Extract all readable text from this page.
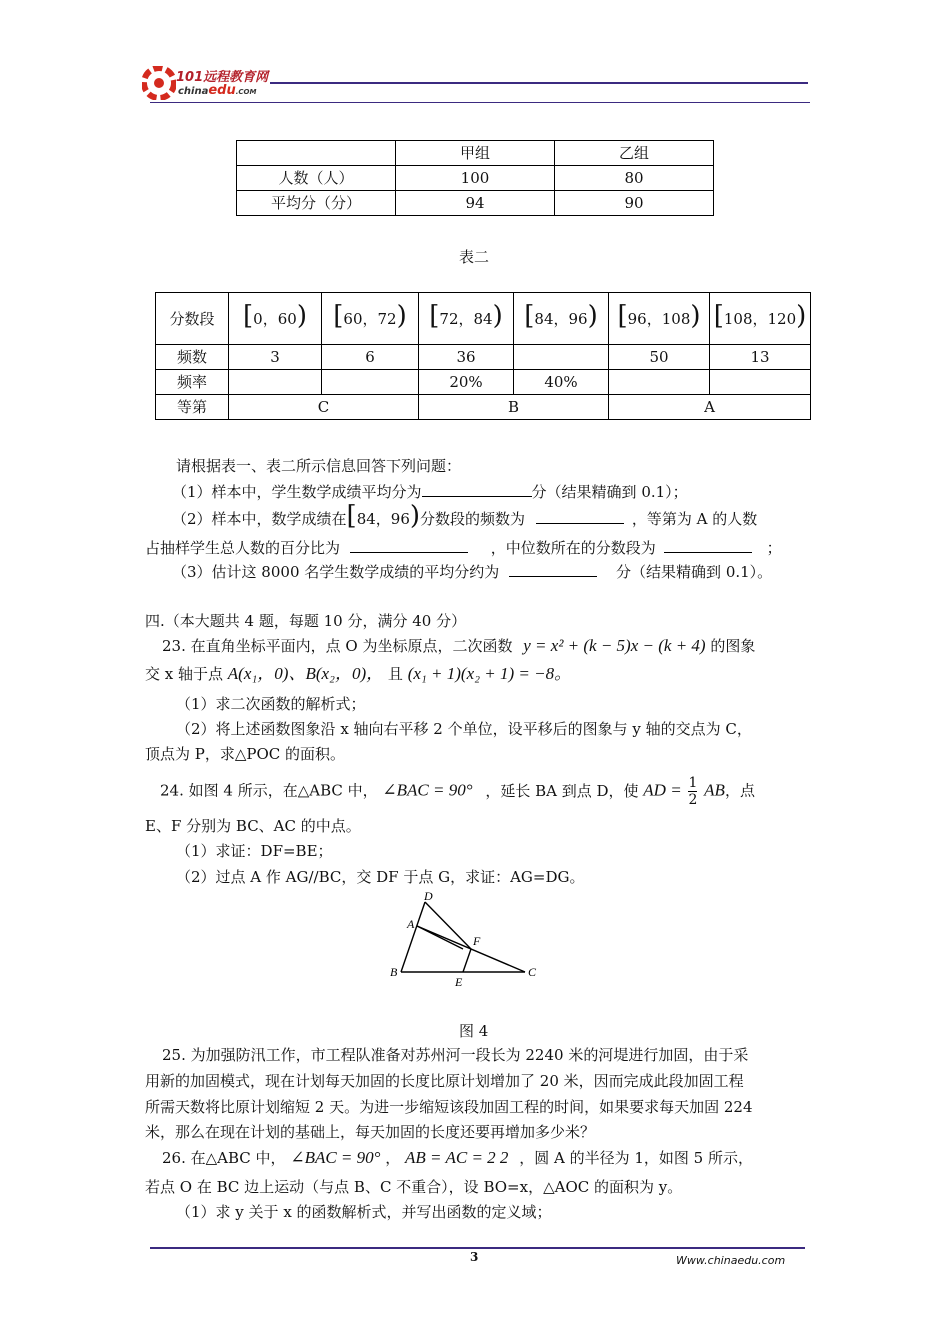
101远程教育网
chinaedu.COM
	甲组	乙组
人数（人）	100	80
平均分（分）	94	90
表二
分数段	[0，60)	[60，72)	[72，84)	[84，96)	[96，108)	[108，120)
频数	3	6	36		50	13
频率			20%	40%		
等第	C		B		A	
请根据表一、表二所示信息回答下列问题：
（1）样本中，学生数学成绩平均分为	分（结果精确到 0.1）；
（2）样本中，数学成绩在[84，96)分数段的频数为	，等第为 A 的人数
占抽样学生总人数的百分比为	，中位数所在的分数段为	；
（3）估计这 8000 名学生数学成绩的平均分约为	分（结果精确到 0.1）。
四.（本大题共 4 题，每题 10 分，满分 40 分）
23. 在直角坐标平面内，点 O 为坐标原点，二次函数 y = x² + (k − 5)x − (k + 4) 的图象
交 x 轴于点 A(x₁，0)、B(x₂，0)， 且 (x₁ + 1)(x₂ + 1) = −8。
（1）求二次函数的解析式；
（2）将上述函数图象沿 x 轴向右平移 2 个单位，设平移后的图象与 y 轴的交点为 C，
顶点为 P，求△POC 的面积。
24. 如图 4 所示，在△ABC 中， ∠BAC = 90° ，延长 BA 到点 D，使 AD = $\frac{1}{2}$ AB，点
E、F 分别为 BC、AC 的中点。
（1）求证：DF=BE；
（2）过点 A 作 AG//BC，交 DF 于点 G，求证：AG=DG。
D
A
F
B
E
C
图 4
25. 为加强防汛工作，市工程队准备对苏州河一段长为 2240 米的河堤进行加固，由于采
用新的加固模式，现在计划每天加固的长度比原计划增加了 20 米，因而完成此段加固工程
所需天数将比原计划缩短 2 天。为进一步缩短该段加固工程的时间，如果要求每天加固 224
米，那么在现在计划的基础上，每天加固的长度还要再增加多少米？
26. 在△ABC 中， ∠BAC = 90° ， AB = AC = 2 2 ，圆 A 的半径为 1，如图 5 所示，
若点 O 在 BC 边上运动（与点 B、C 不重合），设 BO=x，△AOC 的面积为 y。
（1）求 y 关于 x 的函数解析式，并写出函数的定义域；
3	Www.chinaedu.com
